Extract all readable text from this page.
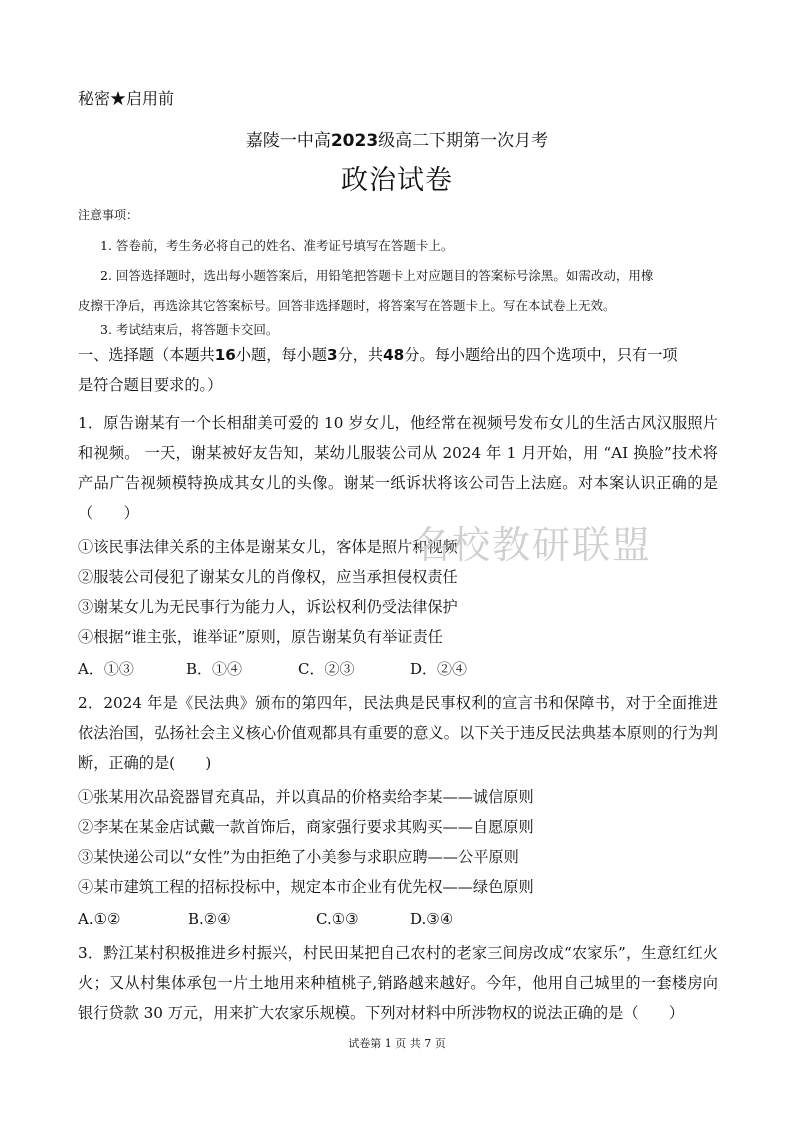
秘密★启用前
嘉陵一中高2023级高二下期第一次月考
政治试卷
注意事项：
1. 答卷前，考生务必将自己的姓名、准考证号填写在答题卡上。
2. 回答选择题时，选出每小题答案后，用铅笔把答题卡上对应题目的答案标号涂黑。如需改动，用橡
皮擦干净后，再选涂其它答案标号。回答非选择题时，将答案写在答题卡上。写在本试卷上无效。
3. 考试结束后，将答题卡交回。
一、选择题（本题共16小题，每小题3分，共48分。每小题给出的四个选项中，只有一项
是符合题目要求的。）
1．原告谢某有一个长相甜美可爱的 10 岁女儿，他经常在视频号发布女儿的生活古风汉服照片和视频。 一天，谢某被好友告知，某幼儿服装公司从 2024 年 1 月开始，用 “AI 换脸”技术将产品广告视频模特换成其女儿的头像。谢某一纸诉状将该公司告上法庭。对本案认识正确的是（　　）
①该民事法律关系的主体是谢某女儿，客体是照片和视频
②服装公司侵犯了谢某女儿的肖像权，应当承担侵权责任
③谢某女儿为无民事行为能力人，诉讼权利仍受法律保护
④根据“谁主张，谁举证”原则，原告谢某负有举证责任
A．①③	B．①④	C．②③	D．②④
2．2024 年是《民法典》颁布的第四年，民法典是民事权利的宣言书和保障书，对于全面推进依法治国，弘扬社会主义核心价值观都具有重要的意义。以下关于违反民法典基本原则的行为判断，正确的是(　　)
①张某用次品瓷器冒充真品，并以真品的价格卖给李某——诚信原则
②李某在某金店试戴一款首饰后，商家强行要求其购买——自愿原则
③某快递公司以“女性”为由拒绝了小美参与求职应聘——公平原则
④某市建筑工程的招标投标中，规定本市企业有优先权——绿色原则
A.①②	B.②④	C.①③	D.③④
3．黔江某村积极推进乡村振兴，村民田某把自己农村的老家三间房改成“农家乐”，生意红红火火；又从村集体承包一片土地用来种植桃子,销路越来越好。今年，他用自己城里的一套楼房向银行贷款 30 万元，用来扩大农家乐规模。下列对材料中所涉物权的说法正确的是（　　）
名校教研联盟
试卷第 1 页 共 7 页
